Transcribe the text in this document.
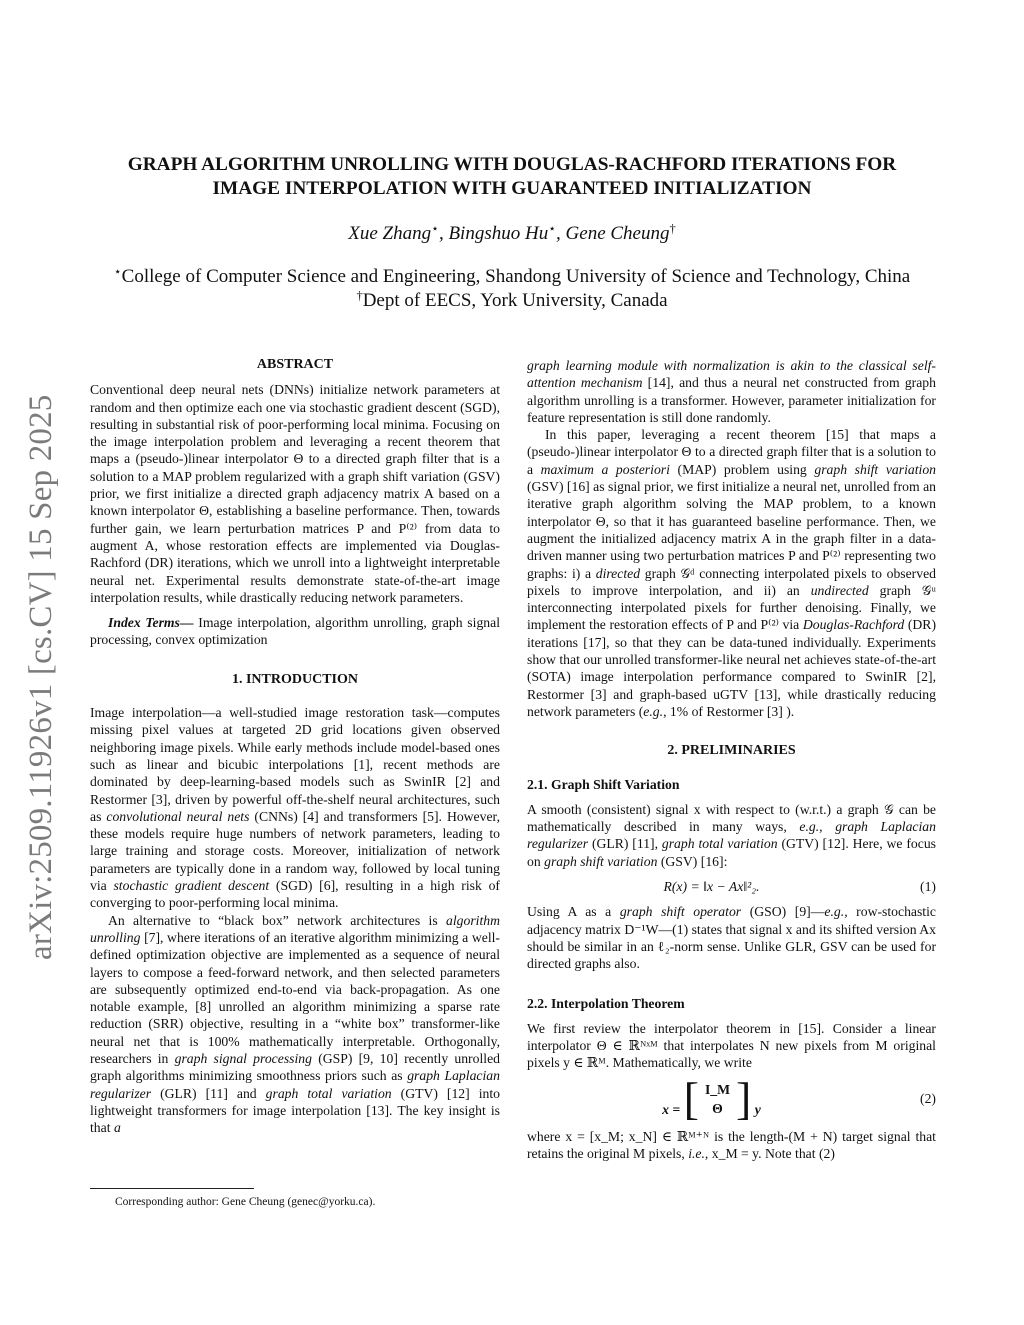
arXiv:2509.11926v1 [cs.CV] 15 Sep 2025
GRAPH ALGORITHM UNROLLING WITH DOUGLAS-RACHFORD ITERATIONS FOR
IMAGE INTERPOLATION WITH GUARANTEED INITIALIZATION
Xue Zhang⋆, Bingshuo Hu⋆, Gene Cheung†
⋆College of Computer Science and Engineering, Shandong University of Science and Technology, China
†Dept of EECS, York University, Canada
ABSTRACT

Conventional deep neural nets (DNNs) initialize network parameters at random and then optimize each one via stochastic gradient descent (SGD), resulting in substantial risk of poor-performing local minima. Focusing on the image interpolation problem and leveraging a recent theorem that maps a (pseudo-)linear interpolator Θ to a directed graph filter that is a solution to a MAP problem regularized with a graph shift variation (GSV) prior, we first initialize a directed graph adjacency matrix A based on a known interpolator Θ, establishing a baseline performance. Then, towards further gain, we learn perturbation matrices P and P⁽²⁾ from data to augment A, whose restoration effects are implemented via Douglas-Rachford (DR) iterations, which we unroll into a lightweight interpretable neural net. Experimental results demonstrate state-of-the-art image interpolation results, while drastically reducing network parameters.

Index Terms— Image interpolation, algorithm unrolling, graph signal processing, convex optimization

1. INTRODUCTION

Image interpolation—a well-studied image restoration task—computes missing pixel values at targeted 2D grid locations given observed neighboring image pixels. While early methods include model-based ones such as linear and bicubic interpolations [1], recent methods are dominated by deep-learning-based models such as SwinIR [2] and Restormer [3], driven by powerful off-the-shelf neural architectures, such as convolutional neural nets (CNNs) [4] and transformers [5]. However, these models require huge numbers of network parameters, leading to large training and storage costs. Moreover, initialization of network parameters are typically done in a random way, followed by local tuning via stochastic gradient descent (SGD) [6], resulting in a high risk of converging to poor-performing local minima.

An alternative to “black box” network architectures is algorithm unrolling [7], where iterations of an iterative algorithm minimizing a well-defined optimization objective are implemented as a sequence of neural layers to compose a feed-forward network, and then selected parameters are subsequently optimized end-to-end via back-propagation. As one notable example, [8] unrolled an algorithm minimizing a sparse rate reduction (SRR) objective, resulting in a “white box” transformer-like neural net that is 100% mathematically interpretable. Orthogonally, researchers in graph signal processing (GSP) [9, 10] recently unrolled graph algorithms minimizing smoothness priors such as graph Laplacian regularizer (GLR) [11] and graph total variation (GTV) [12] into lightweight transformers for image interpolation [13]. The key insight is that a

graph learning module with normalization is akin to the classical self-attention mechanism [14], and thus a neural net constructed from graph algorithm unrolling is a transformer. However, parameter initialization for feature representation is still done randomly.

In this paper, leveraging a recent theorem [15] that maps a (pseudo-)linear interpolator Θ to a directed graph filter that is a solution to a maximum a posteriori (MAP) problem using graph shift variation (GSV) [16] as signal prior, we first initialize a neural net, unrolled from an iterative graph algorithm solving the MAP problem, to a known interpolator Θ, so that it has guaranteed baseline performance. Then, we augment the initialized adjacency matrix A in the graph filter in a data-driven manner using two perturbation matrices P and P⁽²⁾ representing two graphs: i) a directed graph 𝒢ᵈ connecting interpolated pixels to observed pixels to improve interpolation, and ii) an undirected graph 𝒢ᵘ interconnecting interpolated pixels for further denoising. Finally, we implement the restoration effects of P and P⁽²⁾ via Douglas-Rachford (DR) iterations [17], so that they can be data-tuned individually. Experiments show that our unrolled transformer-like neural net achieves state-of-the-art (SOTA) image interpolation performance compared to SwinIR [2], Restormer [3] and graph-based uGTV [13], while drastically reducing network parameters (e.g., 1% of Restormer [3] ).

2. PRELIMINARIES
2.1. Graph Shift Variation

A smooth (consistent) signal x with respect to (w.r.t.) a graph 𝒢 can be mathematically described in many ways, e.g., graph Laplacian regularizer (GLR) [11], graph total variation (GTV) [12]. Here, we focus on graph shift variation (GSV) [16]:

R(x) = ‖x − Ax‖²₂.	(1)

Using A as a graph shift operator (GSO) [9]—e.g., row-stochastic adjacency matrix D⁻¹W—(1) states that signal x and its shifted version Ax should be similar in an ℓ₂-norm sense. Unlike GLR, GSV can be used for directed graphs also.

2.2. Interpolation Theorem

We first review the interpolator theorem in [15]. Consider a linear interpolator Θ ∈ ℝᴺˣᴹ that interpolates N new pixels from M original pixels y ∈ ℝᴹ. Mathematically, we write

x = [ I_M
Θ ] y
(2)

where x = [x_M; x_N] ∈ ℝᴹ⁺ᴺ is the length-(M + N) target signal that retains the original M pixels, i.e., x_M = y. Note that (2)

Corresponding author: Gene Cheung (genec@yorku.ca).
